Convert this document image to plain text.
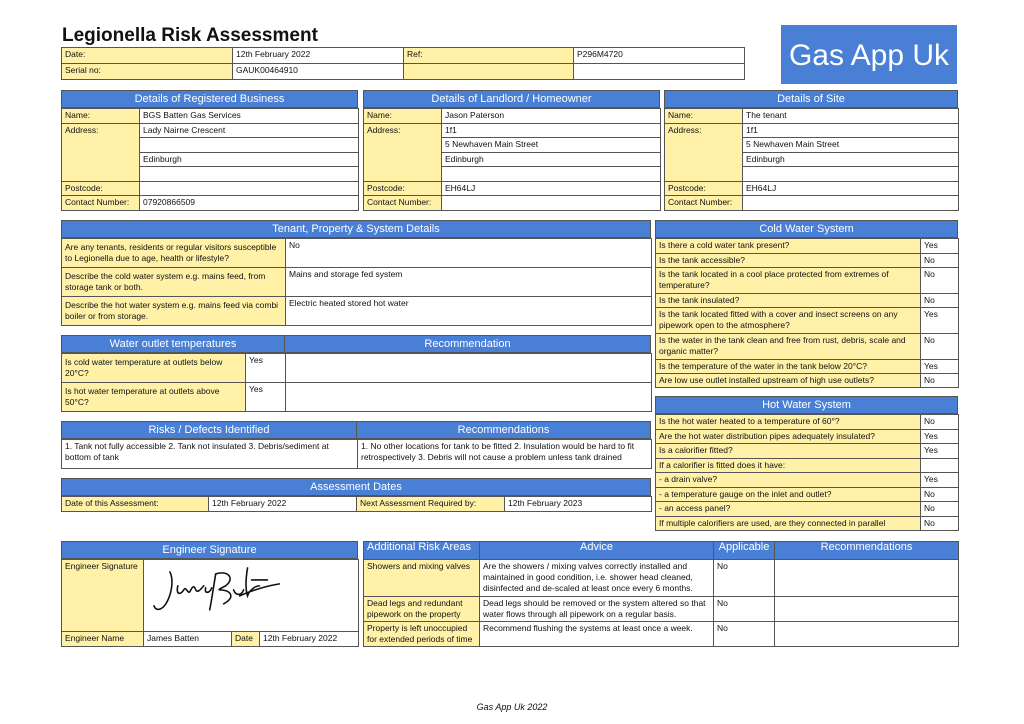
Legionella Risk Assessment
Gas App Uk
Date:	12th February 2022	Ref:	P296M4720
Serial no:	GAUK00464910		
Details of Registered Business
Name:	BGS Batten Gas Services
Address:	Lady Nairne Crescent

	Edinburgh

Postcode:	
Contact Number:	07920866509
Details of Landlord / Homeowner
Name:	Jason Paterson
Address:	1f1
	5 Newhaven Main Street
	Edinburgh

Postcode:	EH64LJ
Contact Number:	
Details of Site
Name:	The tenant
Address:	1f1
	5 Newhaven Main Street
	Edinburgh

Postcode:	EH64LJ
Contact Number:	
Tenant, Property & System Details
Are any tenants, residents or regular visitors susceptible to Legionella due to age, health or lifestyle?	No
Describe the cold water system e.g. mains feed, from storage tank or both.	Mains and storage fed system
Describe the hot water system e.g. mains feed via combi boiler or from storage.	Electric heated stored hot water
Water outlet temperatures	Recommendation
Is cold water temperature at outlets below 20°C?	Yes	
Is hot water temperature at outlets above 50°C?	Yes	
Risks / Defects Identified	Recommendations
1. Tank not fully accessible 2. Tank not insulated 3. Debris/sediment at bottom of tank	1. No other locations for tank to be fitted 2. Insulation would be hard to fit retrospectively 3. Debris will not cause a problem unless tank drained
Assessment Dates
Date of this Assessment:	12th February 2022	Next Assessment Required by:	12th February 2023
Cold Water System
Is there a cold water tank present?	Yes
Is the tank accessible?	No
Is the tank located in a cool place protected from extremes of temperature?	No
Is the tank insulated?	No
Is the tank located fitted with a cover and insect screens on any pipework open to the atmosphere?	Yes
Is the water in the tank clean and free from rust, debris, scale and organic matter?	No
Is the temperature of the water in the tank below 20°C?	Yes
Are low use outlet installed upstream of high use outlets?	No
Hot Water System
Is the hot water heated to a temperature of 60°?	No
Are the hot water distribution pipes adequately insulated?	Yes
Is a calorifier fitted?	Yes
If a calorifier is fitted does it have:	
- a drain valve?	Yes
- a temperature gauge on the inlet and outlet?	No
- an access panel?	No
If multiple calorifiers are used, are they connected in parallel	No
Engineer Signature
Engineer Signature	
Engineer Name	James Batten	Date	12th February 2022
Additional Risk Areas	Advice	Applicable	Recommendations
Showers and mixing valves	Are the showers / mixing valves correctly installed and maintained in good condition, i.e. shower head cleaned, disinfected and de-scaled at least once every 6 months.	No	
Dead legs and redundant pipework on the property	Dead legs should be removed or the system altered so that water flows through all pipework on a regular basis.	No	
Property is left unoccupied for extended periods of time	Recommend flushing the systems at least once a week.	No	
Gas App Uk 2022
